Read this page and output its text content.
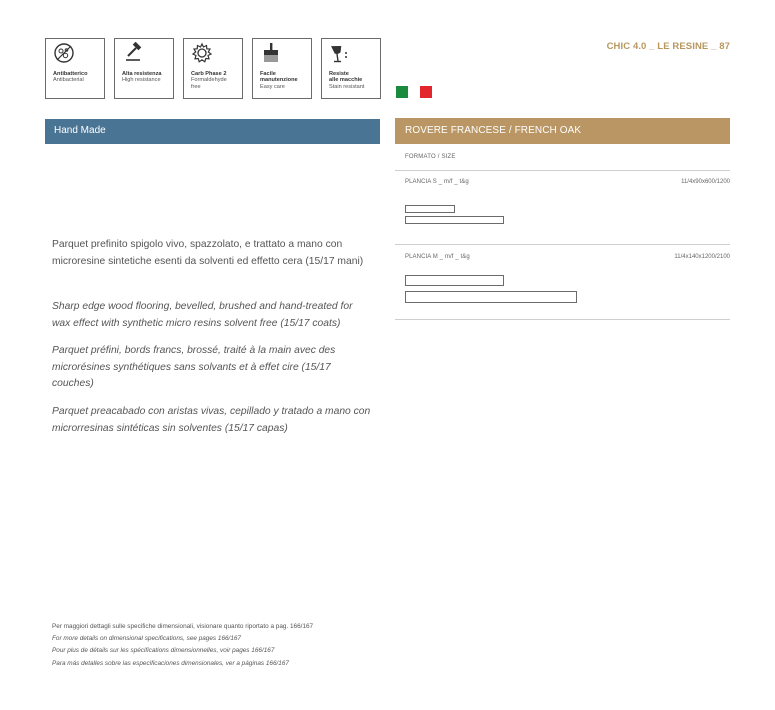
Antibatterico
Antibacterial
Alta resistenza
High resistance
Carb Phase 2
Formaldehyde
free
Facile
manutenzione
Easy care
Resiste
alle macchie
Stain resistant
CHIC 4.0 _ LE RESINE _ 87
Hand Made	ROVERE FRANCESE / FRENCH OAK
Parquet prefinito spigolo vivo, spazzolato, e trattato a mano con microresine sintetiche esenti da solventi ed effetto cera (15/17 mani)
Sharp edge wood flooring, bevelled, brushed and hand-treated for wax effect with synthetic micro resins solvent free (15/17 coats)
Parquet préfini, bords francs, brossé, traité à la main avec des microrésines synthétiques sans solvants et à effet cire (15/17 couches)
Parquet preacabado con aristas vivas, cepillado y tratado a mano con microrresinas sintéticas sin solventes (15/17 capas)
FORMATO / SIZE
PLANCIA S _ m/f _ t&g	11/4x90x600/1200
PLANCIA M _ m/f _ t&g	11/4x140x1200/2100
Per maggiori dettagli sulle specifiche dimensionali, visionare quanto riportato a pag. 166/167
For more details on dimensional specifications, see pages 166/167
Pour plus de détails sur les spécifications dimensionnelles, voir pages 166/167
Para más detalles sobre las especificaciones dimensionales, ver a páginas 166/167
